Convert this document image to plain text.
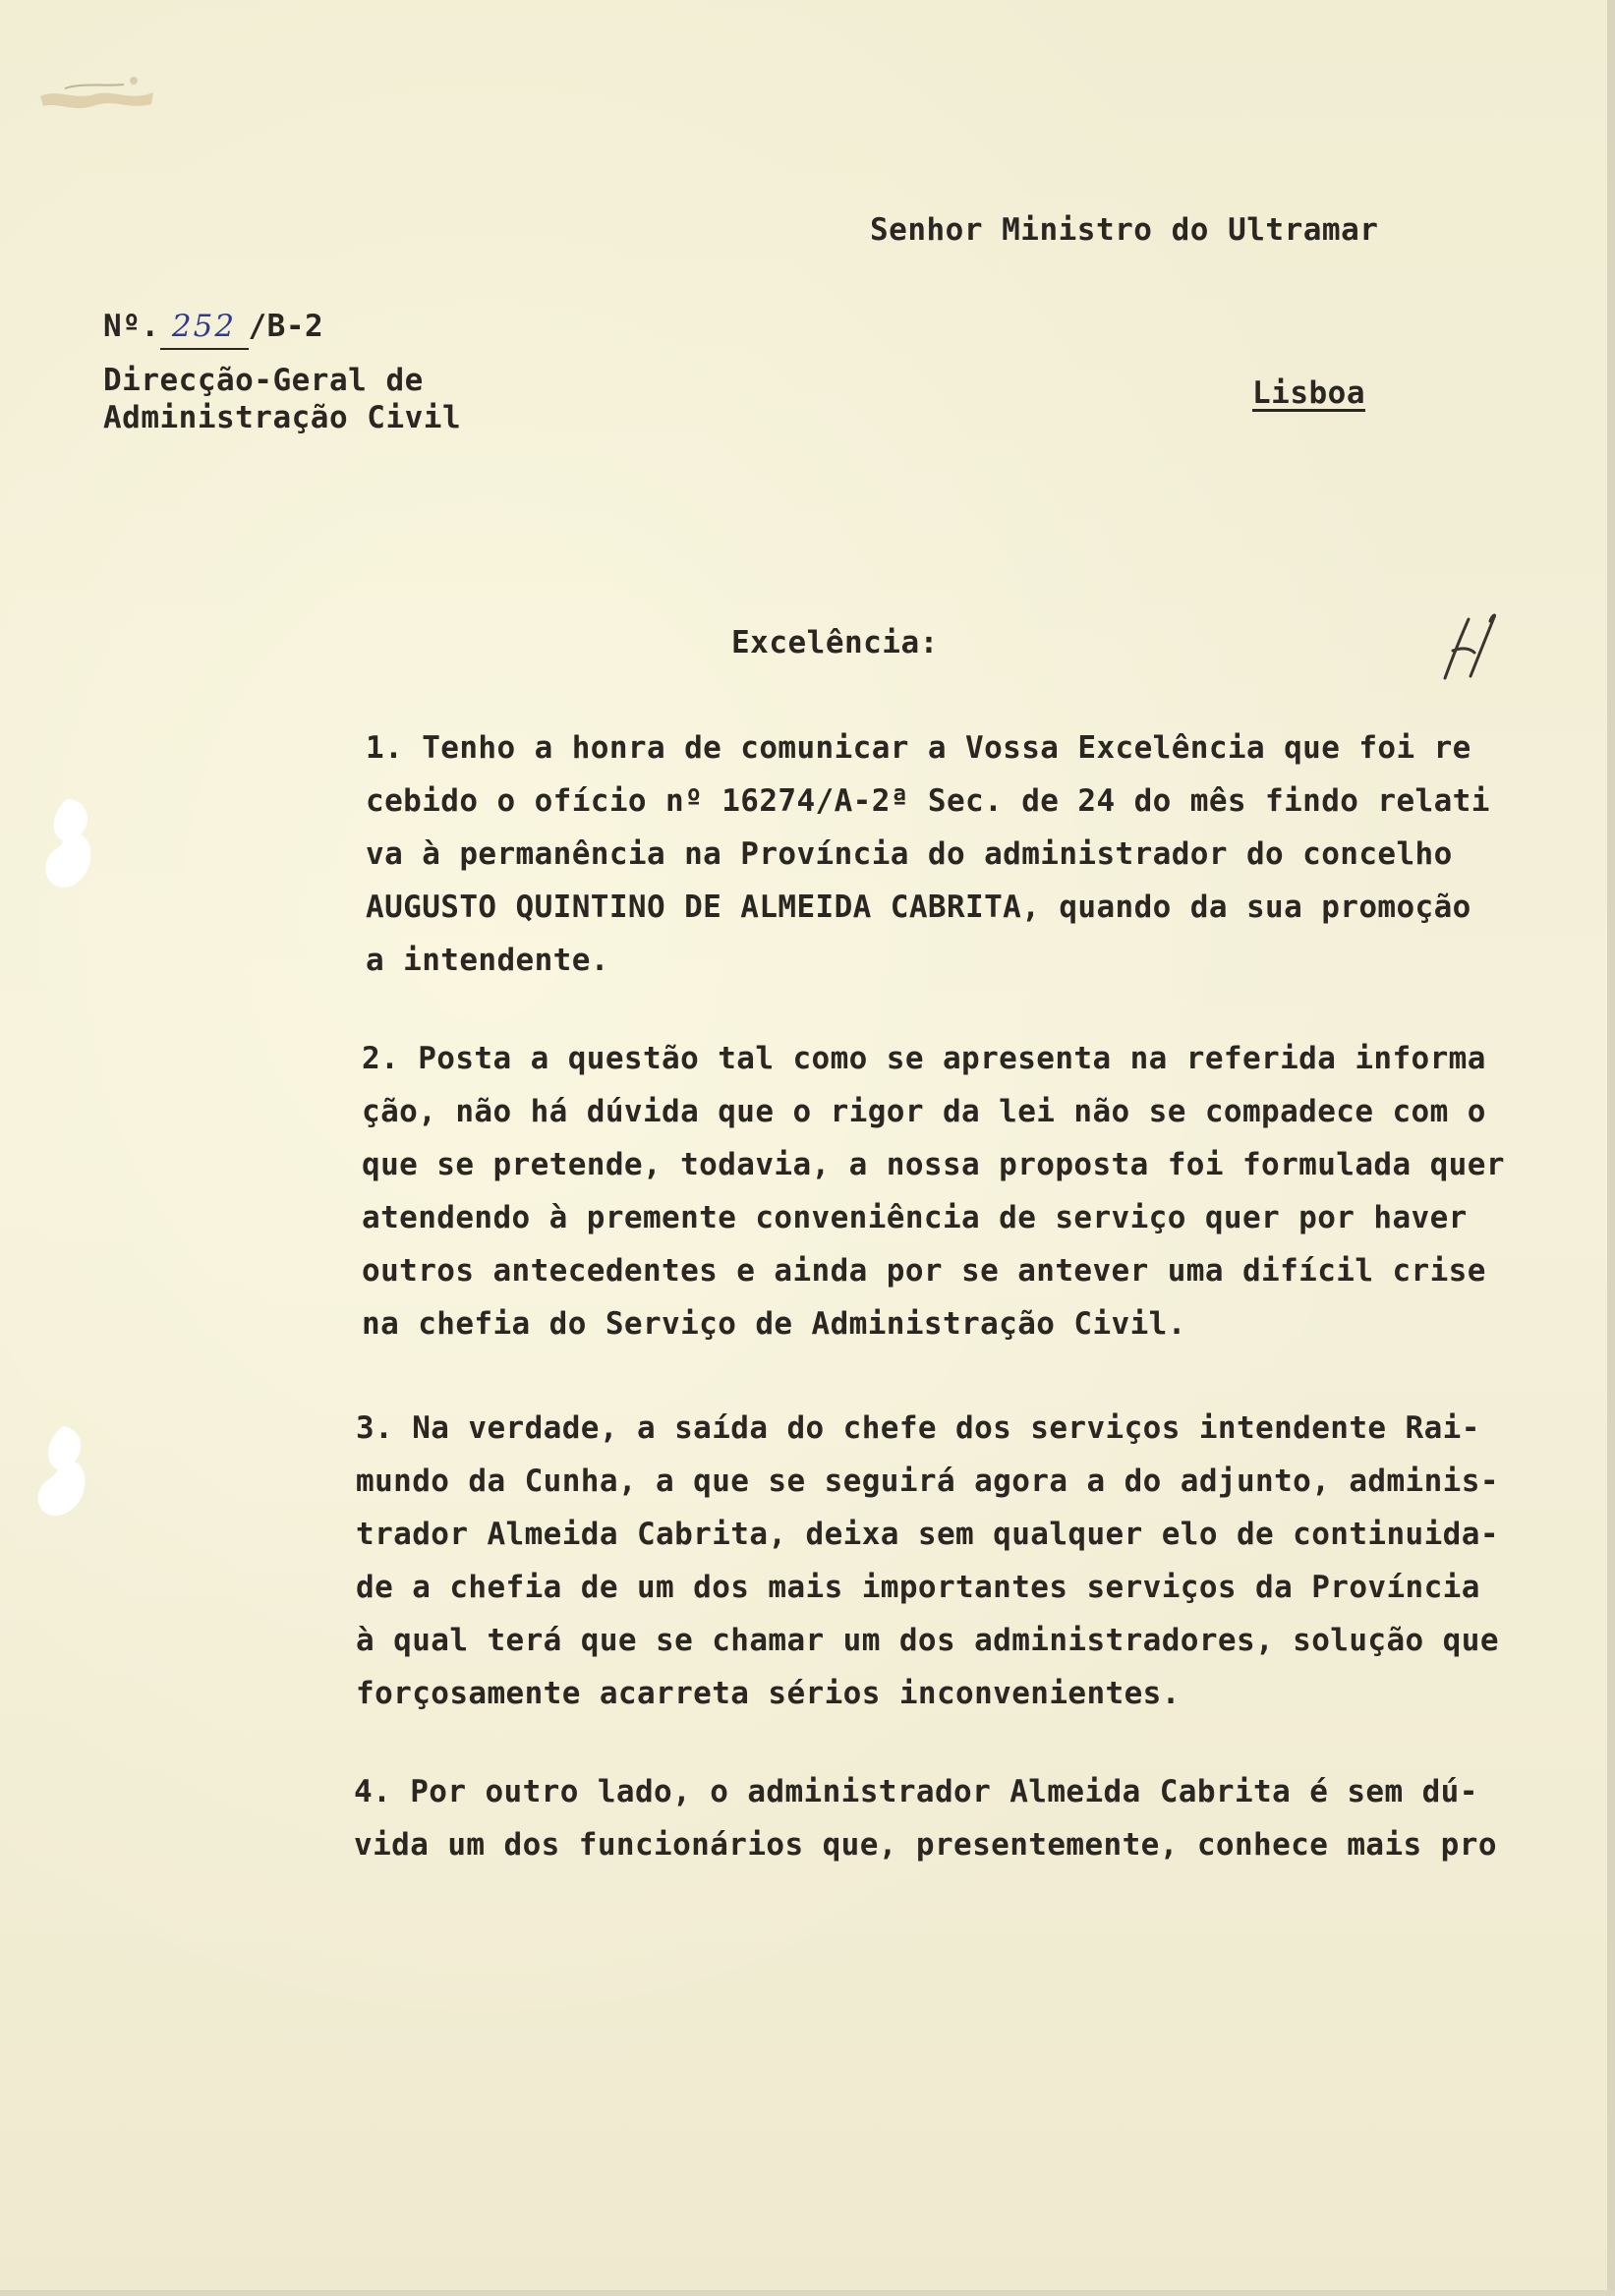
Senhor Ministro do Ultramar
Nº. 252 /B-2
Direcção-Geral de
Administração Civil
Lisboa
Excelência:
1. Tenho a honra de comunicar a Vossa Excelência que foi re
cebido o ofício nº 16274/A-2ª Sec. de 24 do mês findo relati
va à permanência na Província do administrador do concelho
AUGUSTO QUINTINO DE ALMEIDA CABRITA, quando da sua promoção
a intendente.
2. Posta a questão tal como se apresenta na referida informa
ção, não há dúvida que o rigor da lei não se compadece com o
que se pretende, todavia, a nossa proposta foi formulada quer
atendendo à premente conveniência de serviço quer por haver
outros antecedentes e ainda por se antever uma difícil crise
na chefia do Serviço de Administração Civil.
3. Na verdade, a saída do chefe dos serviços intendente Rai-
mundo da Cunha, a que se seguirá agora a do adjunto, adminis-
trador Almeida Cabrita, deixa sem qualquer elo de continuida-
de a chefia de um dos mais importantes serviços da Província
à qual terá que se chamar um dos administradores, solução que
forçosamente acarreta sérios inconvenientes.
4. Por outro lado, o administrador Almeida Cabrita é sem dú-
vida um dos funcionários que, presentemente, conhece mais pro
